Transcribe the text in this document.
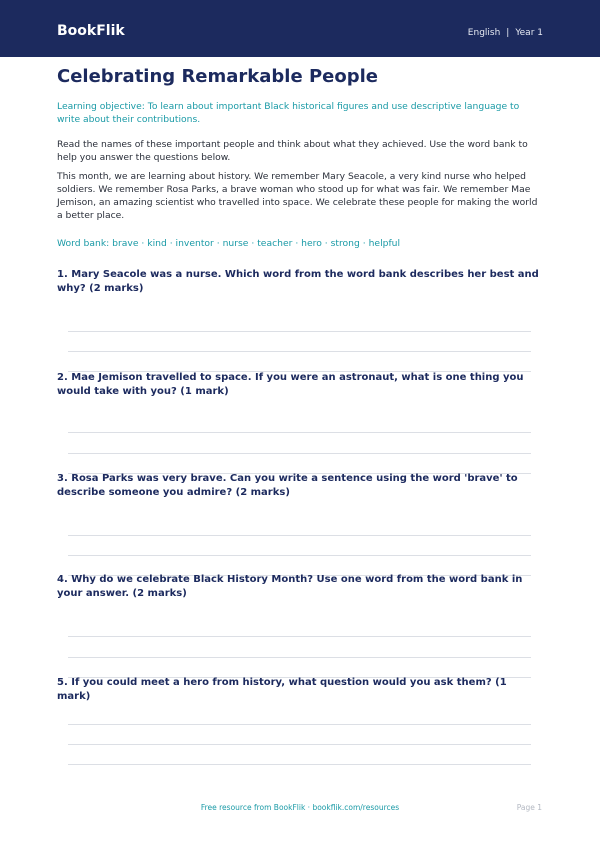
BookFlik	English | Year 1
Celebrating Remarkable People

Learning objective: To learn about important Black historical figures and use descriptive language to write about their contributions.

Read the names of these important people and think about what they achieved. Use the word bank to help you answer the questions below.

This month, we are learning about history. We remember Mary Seacole, a very kind nurse who helped soldiers. We remember Rosa Parks, a brave woman who stood up for what was fair. We remember Mae Jemison, an amazing scientist who travelled into space. We celebrate these people for making the world a better place.

Word bank: brave · kind · inventor · nurse · teacher · hero · strong · helpful

1. Mary Seacole was a nurse. Which word from the word bank describes her best and why? (2 marks)

2. Mae Jemison travelled to space. If you were an astronaut, what is one thing you would take with you? (1 mark)

3. Rosa Parks was very brave. Can you write a sentence using the word 'brave' to describe someone you admire? (2 marks)

4. Why do we celebrate Black History Month? Use one word from the word bank in your answer. (2 marks)

5. If you could meet a hero from history, what question would you ask them? (1 mark)

Free resource from BookFlik · bookflik.com/resources	Page 1
